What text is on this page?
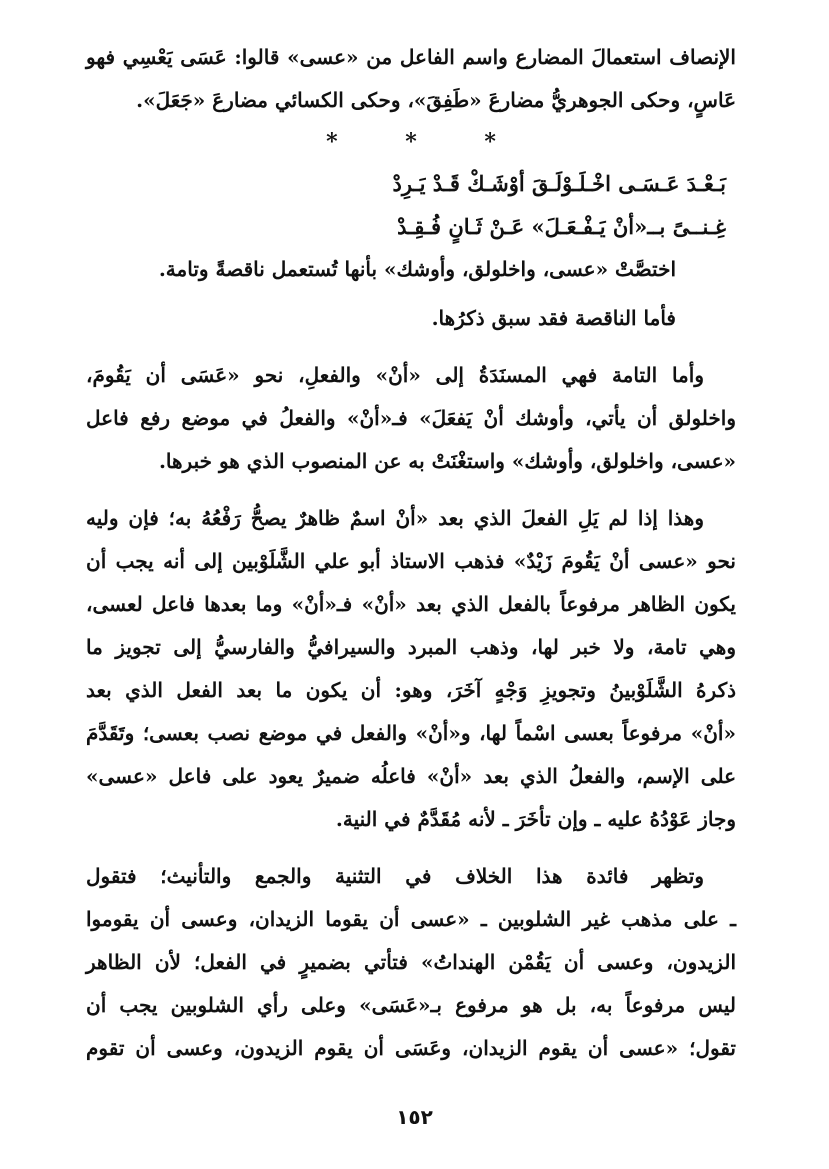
الإنصاف استعمالَ المضارع واسم الفاعل من «عسى» قالوا: عَسَى يَعْسِي فهو
عَاسٍ، وحكى الجوهريُّ مضارعَ «طَفِقَ»، وحكى الكسائي مضارعَ «جَعَلَ».

* * *
بَـعْـدَ عَـسَـى اخْـلَـوْلَـقَ أوْشَـكْ قَـدْ يَـرِدْ
غِـنــىً بــ«أنْ يَـفْـعَـلَ» عَـنْ ثَـانٍ فُـقِـدْ

اختصَّتْ «عسى، واخلولق، وأوشك» بأنها تُستعمل ناقصةً وتامة.

فأما الناقصة فقد سبق ذكرُها.

وأما التامة فهي المسنَدَةُ إلى «أنْ» والفعلِ، نحو «عَسَى أن يَقُومَ،
واخلولق أن يأتي، وأوشك أنْ يَفعَلَ» فـ«أنْ» والفعلُ في موضع رفع فاعل
«عسى، واخلولق، وأوشك» واستغْنَتْ به عن المنصوب الذي هو خبرها.

وهذا إذا لم يَلِ الفعلَ الذي بعد «أنْ اسمٌ ظاهرٌ يصحُّ رَفْعُهُ به؛ فإن وليه
نحو «عسى أنْ يَقُومَ زَيْدٌ» فذهب الاستاذ أبو علي الشَّلَوْبين إلى أنه يجب أن
يكون الظاهر مرفوعاً بالفعل الذي بعد «أنْ» فـ«أنْ» وما بعدها فاعل لعسى،
وهي تامة، ولا خبر لها، وذهب المبرد والسيرافيُّ والفارسيُّ إلى تجويز ما
ذكرهُ الشَّلَوْبينُ وتجويزِ وَجْهٍ آخَرَ، وهو: أن يكون ما بعد الفعل الذي بعد
«أنْ» مرفوعاً بعسى اسْماً لها، و«أنْ» والفعل في موضع نصب بعسى؛ وتَقَدَّمَ
على الإسم، والفعلُ الذي بعد «أنْ» فاعلُه ضميرٌ يعود على فاعل «عسى»
وجاز عَوْدُهُ عليه ـ وإن تأخَرَ ـ لأنه مُقَدَّمٌ في النية.

وتظهر فائدة هذا الخلاف في التثنية والجمع والتأنيث؛ فتقول
ـ على مذهب غير الشلوبين ـ «عسى أن يقوما الزيدان، وعسى أن يقوموا
الزيدون، وعسى أن يَقُمْن الهنداتُ» فتأتي بضميرٍ في الفعل؛ لأن الظاهر
ليس مرفوعاً به، بل هو مرفوع بـ«عَسَى» وعلى رأي الشلوبين يجب أن
تقول؛ «عسى أن يقوم الزيدان، وعَسَى أن يقوم الزيدون، وعسى أن تقوم

١٥٢
